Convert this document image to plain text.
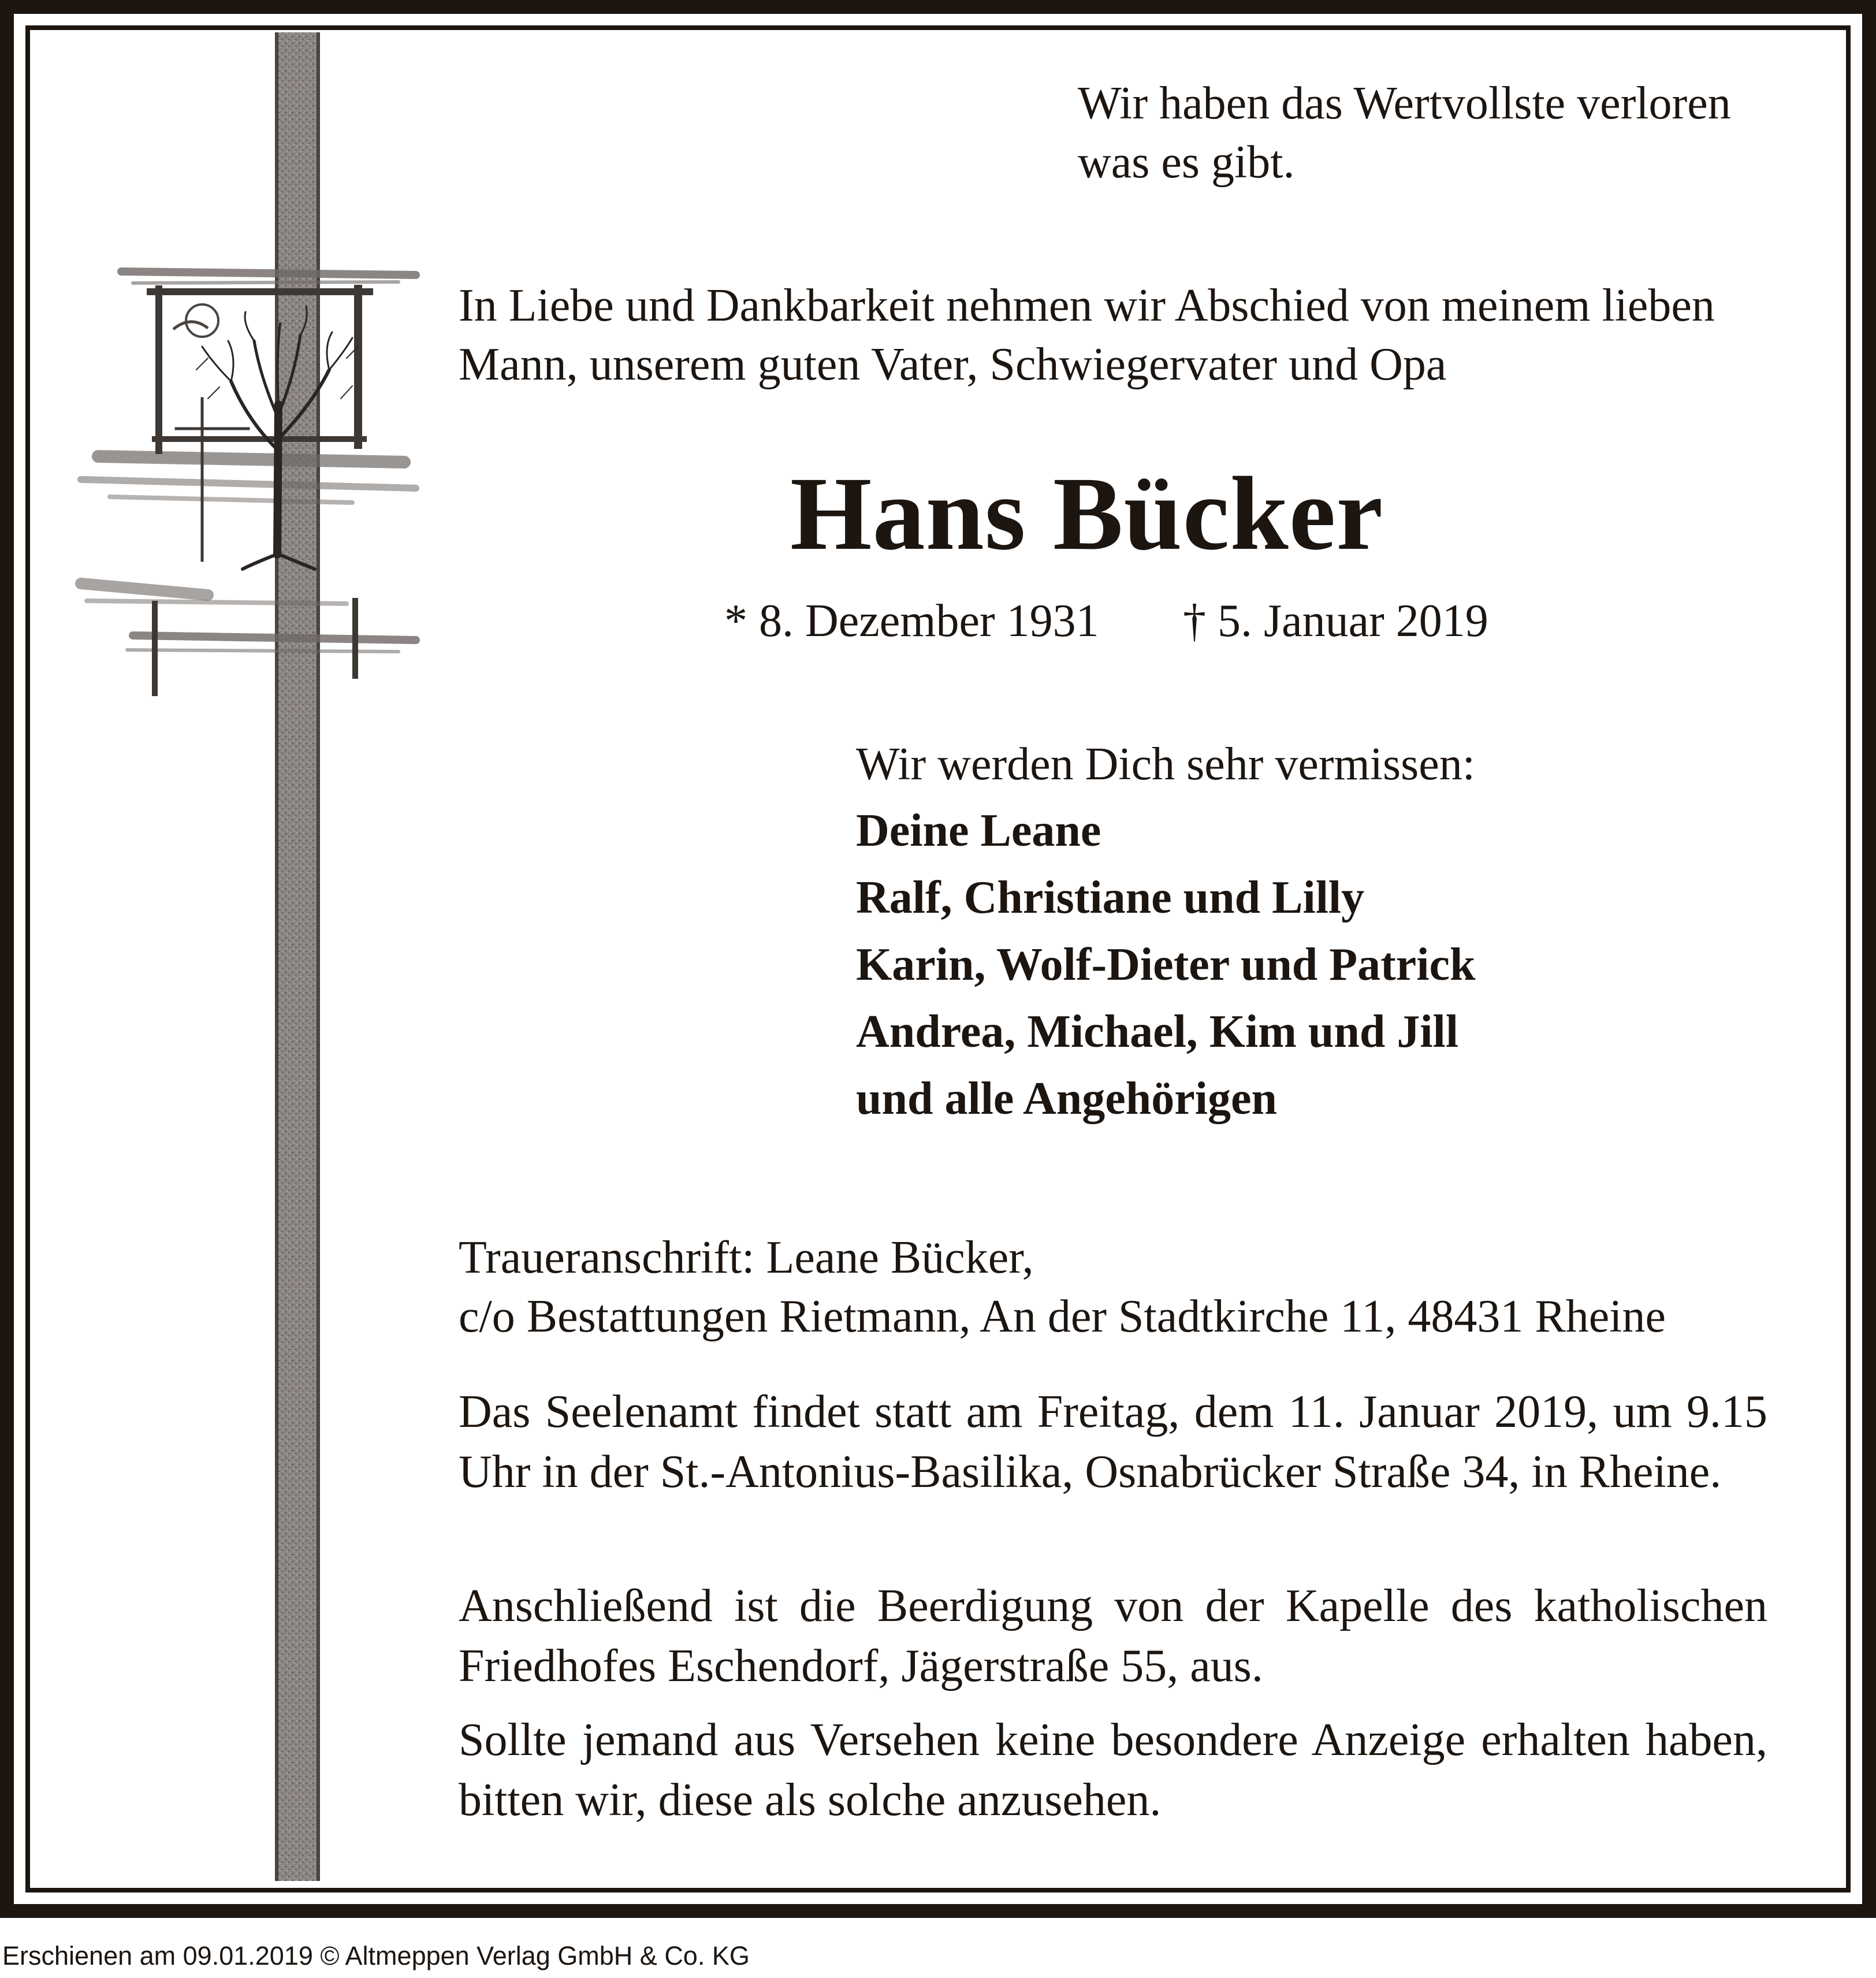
Wir haben das Wertvollste verloren

was es gibt.

In Liebe und Dankbarkeit nehmen wir Abschied von meinem lieben

Mann, unserem guten Vater, Schwiegervater und Opa

Hans Bücker

* 8. Dezember 1931 † 5. Januar 2019

Wir werden Dich sehr vermissen:

Deine Leane

Ralf, Christiane und Lilly

Karin, Wolf-Dieter und Patrick

Andrea, Michael, Kim und Jill

und alle Angehörigen

Traueranschrift: Leane Bücker,

c/o Bestattungen Rietmann, An der Stadtkirche 11, 48431 Rheine

Das Seelenamt findet statt am Freitag, dem 11. Januar 2019, um 9.15 Uhr in der St.-Antonius-Basilika, Osnabrücker Straße 34, in Rheine.

Anschließend ist die Beerdigung von der Kapelle des katholischen Friedhofes Eschendorf, Jägerstraße 55, aus.

Sollte jemand aus Versehen keine besondere Anzeige erhalten haben, bitten wir, diese als solche anzusehen.

Erschienen am 09.01.2019 © Altmeppen Verlag GmbH & Co. KG
